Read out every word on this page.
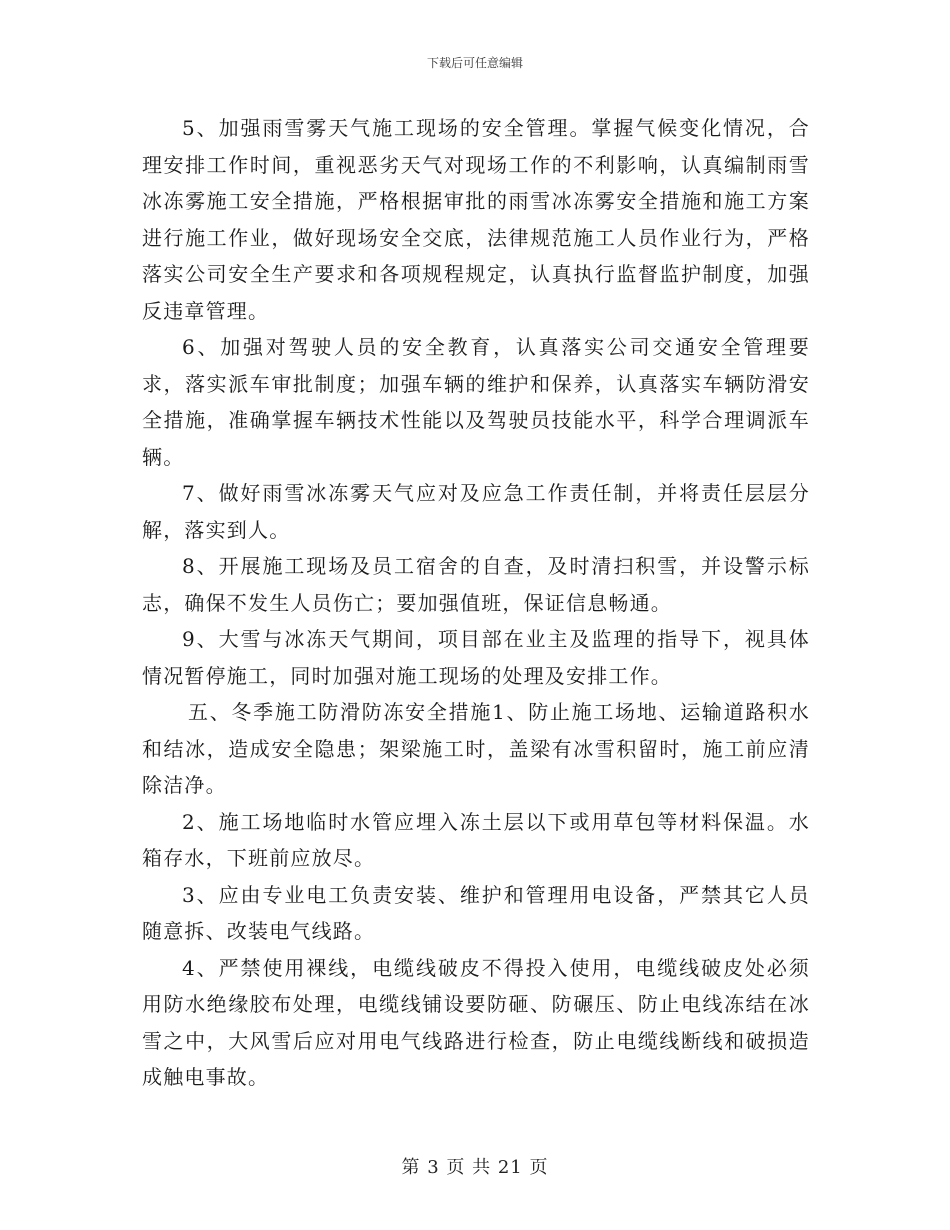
下载后可任意编辑

5、加强雨雪雾天气施工现场的安全管理。掌握气候变化情况，合理安排工作时间，重视恶劣天气对现场工作的不利影响，认真编制雨雪冰冻雾施工安全措施，严格根据审批的雨雪冰冻雾安全措施和施工方案进行施工作业，做好现场安全交底，法律规范施工人员作业行为，严格落实公司安全生产要求和各项规程规定，认真执行监督监护制度，加强反违章管理。

6、加强对驾驶人员的安全教育，认真落实公司交通安全管理要求，落实派车审批制度；加强车辆的维护和保养，认真落实车辆防滑安全措施，准确掌握车辆技术性能以及驾驶员技能水平，科学合理调派车辆。

7、做好雨雪冰冻雾天气应对及应急工作责任制，并将责任层层分解，落实到人。

8、开展施工现场及员工宿舍的自查，及时清扫积雪，并设警示标志，确保不发生人员伤亡；要加强值班，保证信息畅通。

9、大雪与冰冻天气期间，项目部在业主及监理的指导下，视具体情况暂停施工，同时加强对施工现场的处理及安排工作。

五、冬季施工防滑防冻安全措施1、防止施工场地、运输道路积水和结冰，造成安全隐患；架梁施工时，盖梁有冰雪积留时，施工前应清除洁净。

2、施工场地临时水管应埋入冻土层以下或用草包等材料保温。水箱存水，下班前应放尽。

3、应由专业电工负责安装、维护和管理用电设备，严禁其它人员随意拆、改装电气线路。

4、严禁使用裸线，电缆线破皮不得投入使用，电缆线破皮处必须用防水绝缘胶布处理，电缆线铺设要防砸、防碾压、防止电线冻结在冰雪之中，大风雪后应对用电气线路进行检查，防止电缆线断线和破损造成触电事故。

第 3 页 共 21 页
